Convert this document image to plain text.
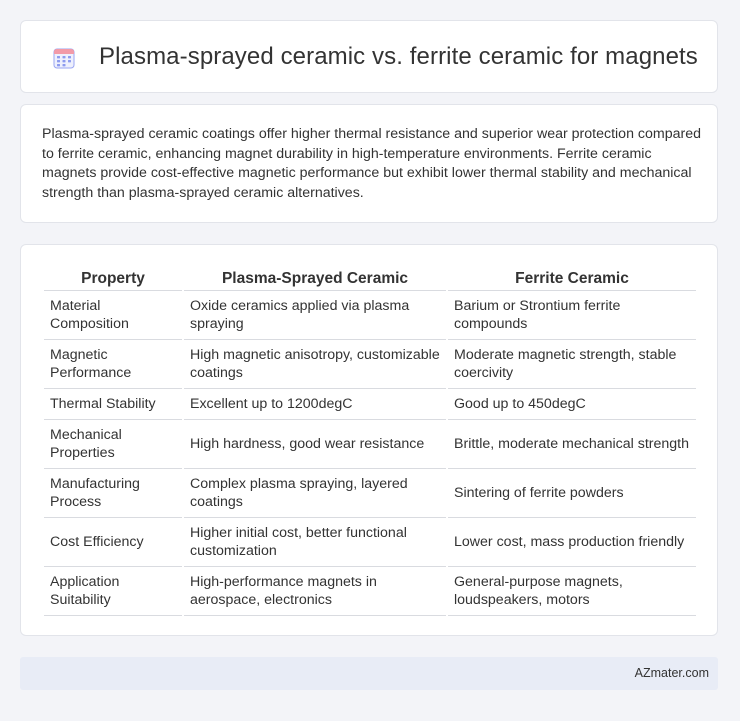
Plasma-sprayed ceramic vs. ferrite ceramic for magnets
Plasma-sprayed ceramic coatings offer higher thermal resistance and superior wear protection compared to ferrite ceramic, enhancing magnet durability in high-temperature environments. Ferrite ceramic magnets provide cost-effective magnetic performance but exhibit lower thermal stability and mechanical strength than plasma-sprayed ceramic alternatives.
Property	Plasma-Sprayed Ceramic	Ferrite Ceramic
Material Composition	Oxide ceramics applied via plasma spraying	Barium or Strontium ferrite compounds
Magnetic Performance	High magnetic anisotropy, customizable coatings	Moderate magnetic strength, stable coercivity
Thermal Stability	Excellent up to 1200degC	Good up to 450degC
Mechanical Properties	High hardness, good wear resistance	Brittle, moderate mechanical strength
Manufacturing Process	Complex plasma spraying, layered coatings	Sintering of ferrite powders
Cost Efficiency	Higher initial cost, better functional customization	Lower cost, mass production friendly
Application Suitability	High-performance magnets in aerospace, electronics	General-purpose magnets, loudspeakers, motors
AZmater.com
